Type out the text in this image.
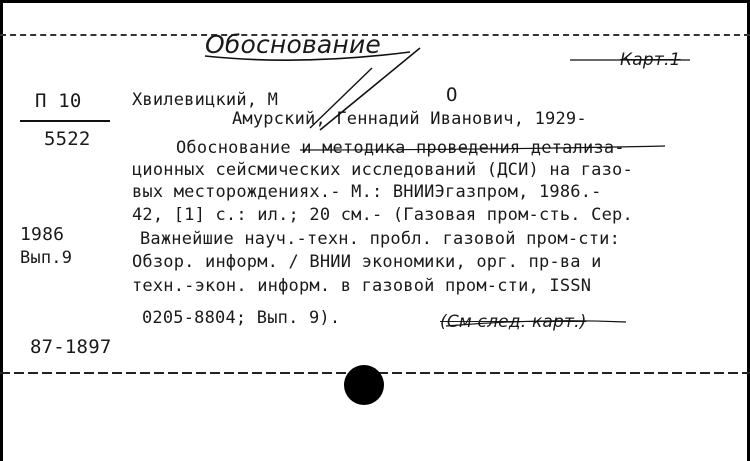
Обоснование
Карт.1
П 10
5522
1986
Вып.9
87-1897
Хвилевицкий, М	О
Амурский, Геннадий Иванович, 1929-
Обоснование и методика проведения детализа-
ционных сейсмических исследований (ДСИ) на газо-
вых месторождениях.- М.: ВНИИЭгазпром, 1986.-
42, [1] с.: ил.; 20 см.- (Газовая пром-сть. Сер.
Важнейшие науч.-техн. пробл. газовой пром-сти:
Обзор. информ. / ВНИИ экономики, орг. пр-ва и
техн.-экон. информ. в газовой пром-сти, ISSN
0205-8804; Вып. 9).	(См след. карт.)
